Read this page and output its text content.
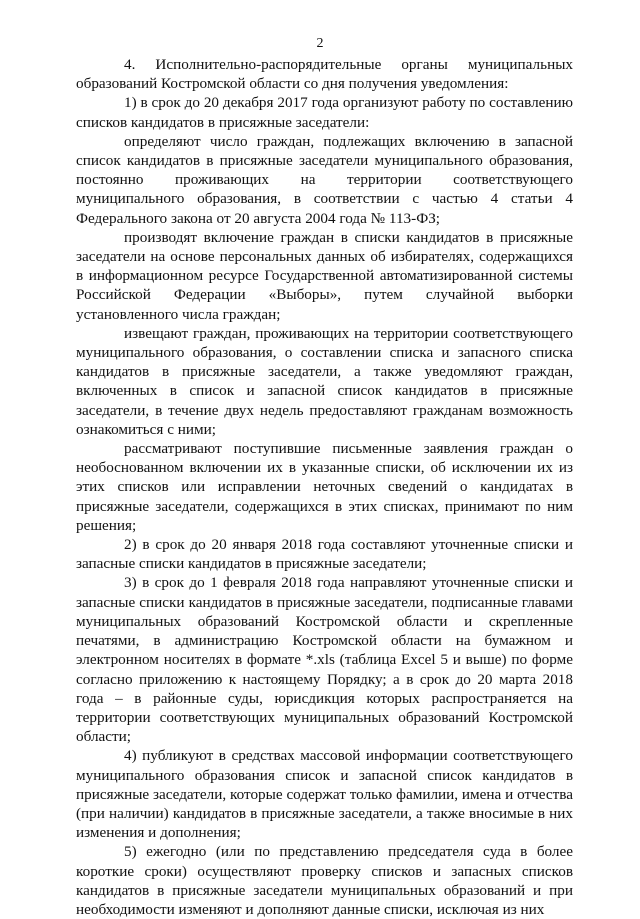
2

4. Исполнительно-распорядительные органы муниципальных образований Костромской области со дня получения уведомления:

1) в срок до 20 декабря 2017 года организуют работу по составлению списков кандидатов в присяжные заседатели:

определяют число граждан, подлежащих включению в запасной список кандидатов в присяжные заседатели муниципального образования, постоянно проживающих на территории соответствующего муниципального образования, в соответствии с частью 4 статьи 4 Федерального закона от 20 августа 2004 года № 113-ФЗ;

производят включение граждан в списки кандидатов в присяжные заседатели на основе персональных данных об избирателях, содержащихся в информационном ресурсе Государственной автоматизированной системы Российской Федерации «Выборы», путем случайной выборки установленного числа граждан;

извещают граждан, проживающих на территории соответствующего муниципального образования, о составлении списка и запасного списка кандидатов в присяжные заседатели, а также уведомляют граждан, включенных в список и запасной список кандидатов в присяжные заседатели, в течение двух недель предоставляют гражданам возможность ознакомиться с ними;

рассматривают поступившие письменные заявления граждан о необоснованном включении их в указанные списки, об исключении их из этих списков или исправлении неточных сведений о кандидатах в присяжные заседатели, содержащихся в этих списках, принимают по ним решения;

2) в срок до 20 января 2018 года составляют уточненные списки и запасные списки кандидатов в присяжные заседатели;

3) в срок до 1 февраля 2018 года направляют уточненные списки и запасные списки кандидатов в присяжные заседатели, подписанные главами муниципальных образований Костромской области и скрепленные печатями, в администрацию Костромской области на бумажном и электронном носителях в формате *.xls (таблица Excel 5 и выше) по форме согласно приложению к настоящему Порядку; а в срок до 20 марта 2018 года – в районные суды, юрисдикция которых распространяется на территории соответствующих муниципальных образований Костромской области;

4) публикуют в средствах массовой информации соответствующего муниципального образования список и запасной список кандидатов в присяжные заседатели, которые содержат только фамилии, имена и отчества (при наличии) кандидатов в присяжные заседатели, а также вносимые в них изменения и дополнения;

5) ежегодно (или по представлению председателя суда в более короткие сроки) осуществляют проверку списков и запасных списков кандидатов в присяжные заседатели муниципальных образований и при необходимости изменяют и дополняют данные списки, исключая из них
